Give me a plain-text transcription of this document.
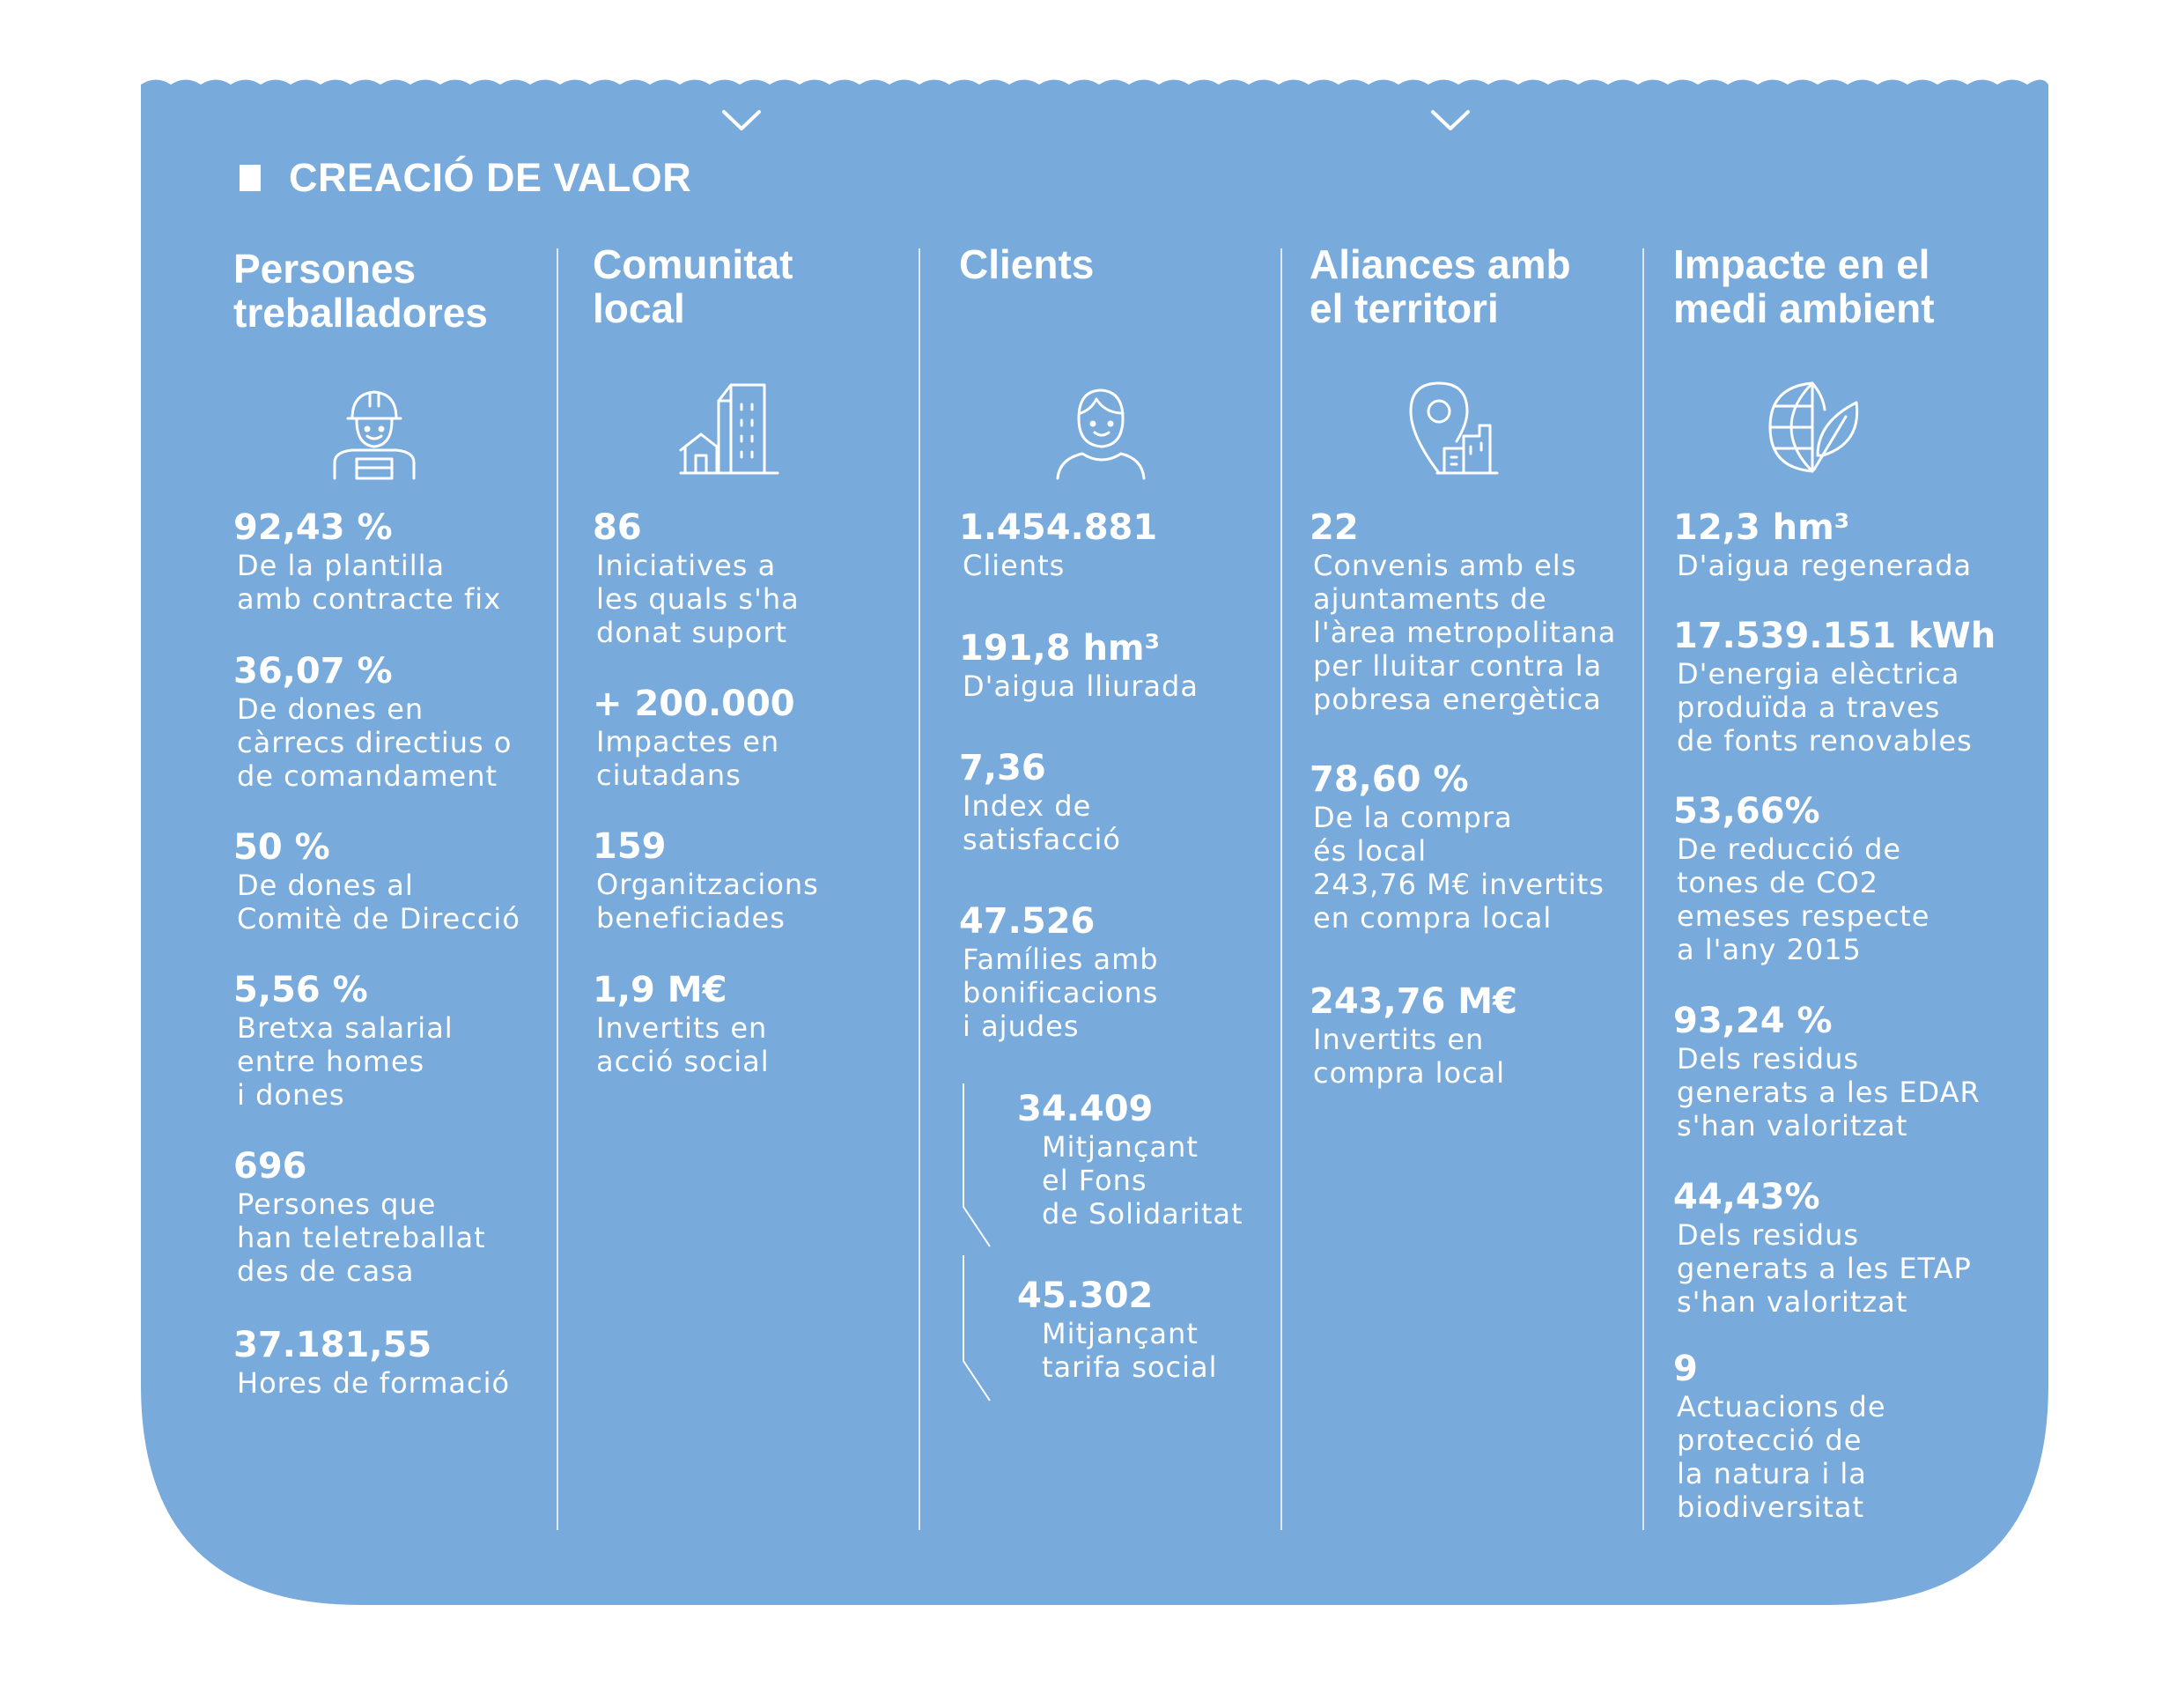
CREACIÓ DE VALOR
Persones
treballadores
92,43 %
De la plantilla
amb contracte fix
36,07 %
De dones en
càrrecs directius o
de comandament
50 %
De dones al
Comitè de Direcció
5,56 %
Bretxa salarial
entre homes
i dones
696
Persones que
han teletreballat
des de casa
37.181,55
Hores de formació
Comunitat
local
86
Iniciatives a
les quals s'ha
donat suport
+ 200.000
Impactes en
ciutadans
159
Organitzacions
beneficiades
1,9 M€
Invertits en
acció social
Clients
1.454.881
Clients
191,8 hm³
D'aigua lliurada
7,36
Index de
satisfacció
47.526
Famílies amb
bonificacions
i ajudes
34.409
Mitjançant
el Fons
de Solidaritat
45.302
Mitjançant
tarifa social
Aliances amb
el territori
22
Convenis amb els
ajuntaments de
l'àrea metropolitana
per lluitar contra la
pobresa energètica
78,60 %
De la compra
és local
243,76 M€ invertits
en compra local
243,76 M€
Invertits en
compra local
Impacte en el
medi ambient
12,3 hm³
D'aigua regenerada
17.539.151 kWh
D'energia elèctrica
produïda a traves
de fonts renovables
53,66%
De reducció de
tones de CO2
emeses respecte
a l'any 2015
93,24 %
Dels residus
generats a les EDAR
s'han valoritzat
44,43%
Dels residus
generats a les ETAP
s'han valoritzat
9
Actuacions de
protecció de
la natura i la
biodiversitat
